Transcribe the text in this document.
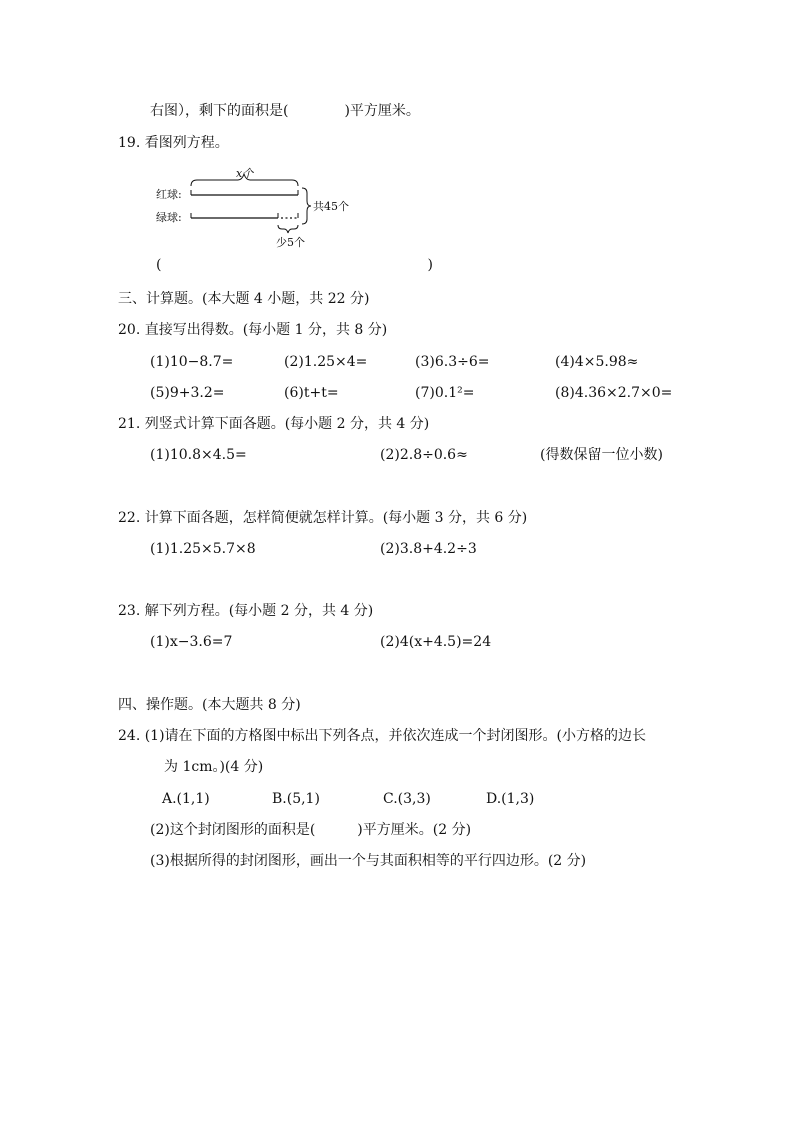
右图），剩下的面积是(　　　　)平方厘米。
19. 看图列方程。
x个
红球:
绿球:
共45个
少5个
(　　　　　　　　　　　　　　　　　　　)
三、计算题。(本大题 4 小题，共 22 分)
20. 直接写出得数。(每小题 1 分，共 8 分)
(1)10−8.7=	(2)1.25×4=	(3)6.3÷6=	(4)4×5.98≈
(5)9+3.2=	(6)t+t=	(7)0.1²=	(8)4.36×2.7×0=
21. 列竖式计算下面各题。(每小题 2 分，共 4 分)
(1)10.8×4.5=	(2)2.8÷0.6≈	(得数保留一位小数)
22. 计算下面各题，怎样简便就怎样计算。(每小题 3 分，共 6 分)
(1)1.25×5.7×8	(2)3.8+4.2÷3
23. 解下列方程。(每小题 2 分，共 4 分)
(1)x−3.6=7	(2)4(x+4.5)=24
四、操作题。(本大题共 8 分)
24. (1)请在下面的方格图中标出下列各点，并依次连成一个封闭图形。(小方格的边长
为 1cm。)(4 分)
A.(1,1)	B.(5,1)	C.(3,3)	D.(1,3)
(2)这个封闭图形的面积是(　　　)平方厘米。(2 分)
(3)根据所得的封闭图形，画出一个与其面积相等的平行四边形。(2 分)
